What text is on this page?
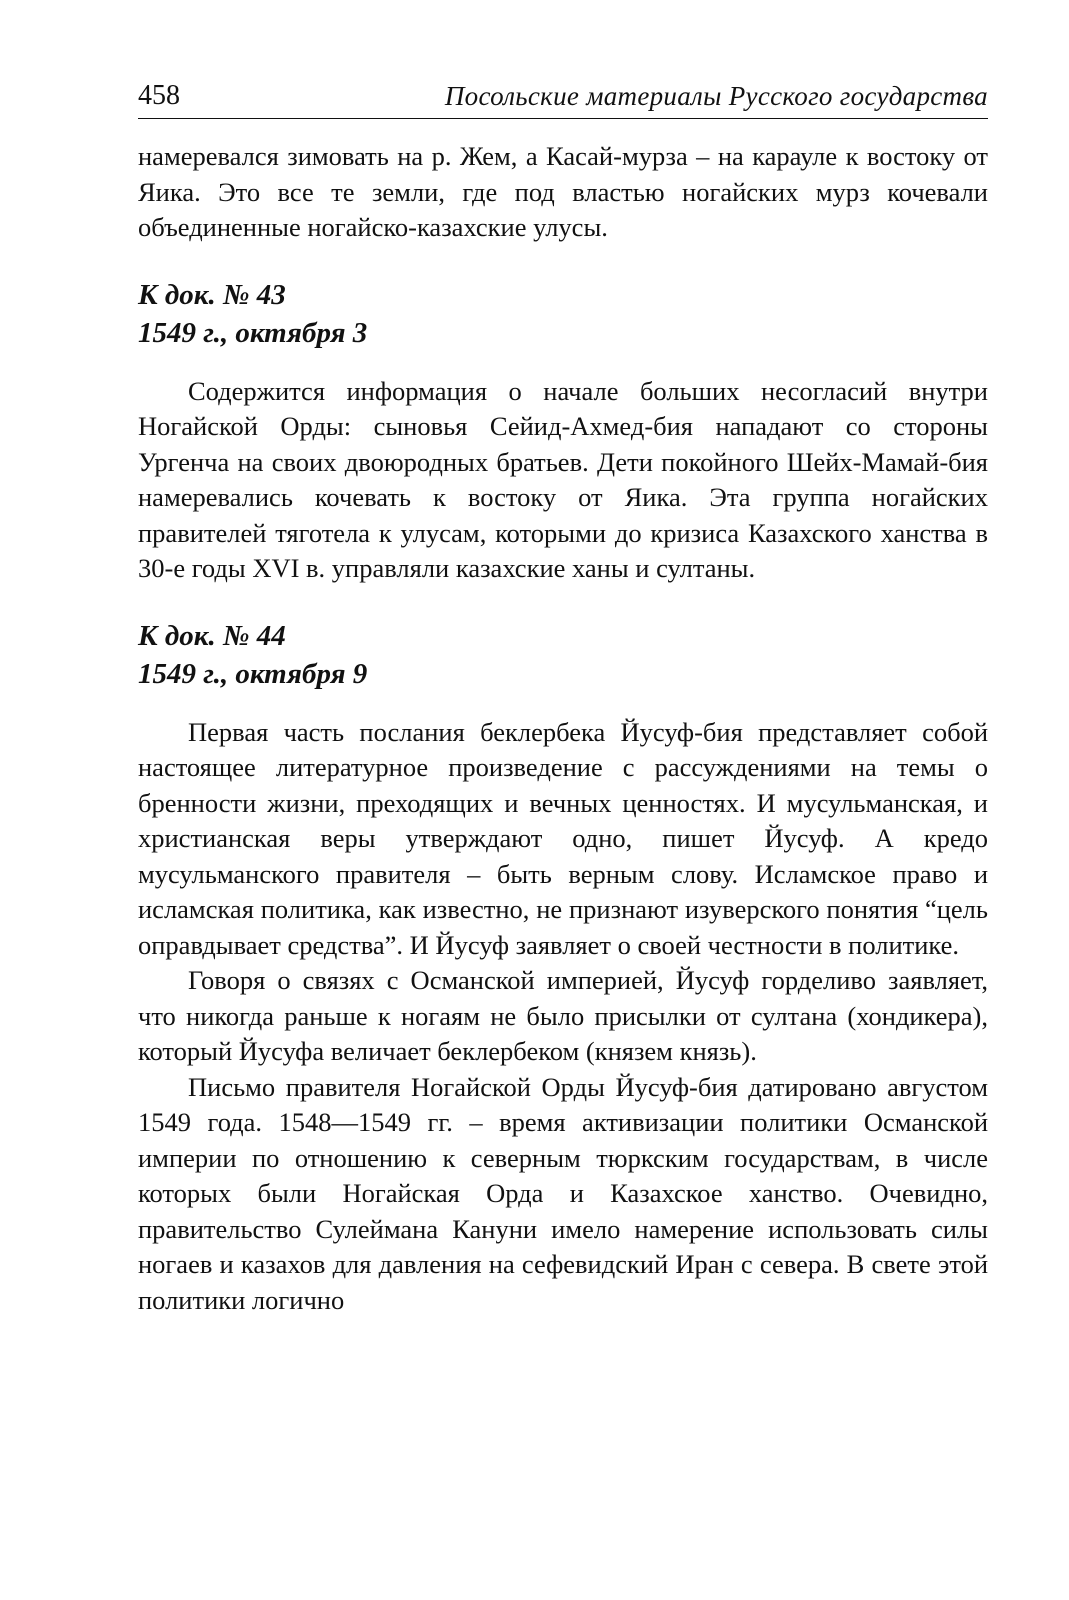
458	Посольские материалы Русского государства

намеревался зимовать на р. Жем, а Касай-мурза – на карауле к востоку от Яика. Это все те земли, где под властью ногайских мурз кочевали объединенные ногайско-казахские улусы.

К док. № 43
1549 г., октября 3

Содержится информация о начале больших несогласий внутри Ногайской Орды: сыновья Сейид-Ахмед-бия нападают со стороны Ургенча на своих двоюродных братьев. Дети покойного Шейх-Мамай-бия намеревались кочевать к востоку от Яика. Эта группа ногайских правителей тяготела к улусам, которыми до кризиса Казахского ханства в 30-е годы XVI в. управляли казахские ханы и султаны.

К док. № 44
1549 г., октября 9

Первая часть послания беклербека Йусуф-бия представляет собой настоящее литературное произведение с рассуждениями на темы о бренности жизни, преходящих и вечных ценностях. И мусульманская, и христианская веры утверждают одно, пишет Йусуф. А кредо мусульманского правителя – быть верным слову. Исламское право и исламская политика, как известно, не признают изуверского понятия “цель оправдывает средства”. И Йусуф заявляет о своей честности в политике.

Говоря о связях с Османской империей, Йусуф горделиво заявляет, что никогда раньше к ногаям не было присылки от султана (хондикера), который Йусуфа величает беклербеком (князем князь).

Письмо правителя Ногайской Орды Йусуф-бия датировано августом 1549 года. 1548—1549 гг. – время активизации политики Османской империи по отношению к северным тюркским государствам, в числе которых были Ногайская Орда и Казахское ханство. Очевидно, правительство Сулеймана Кануни имело намерение использовать силы ногаев и казахов для давления на сефевидский Иран с севера. В свете этой политики логично
